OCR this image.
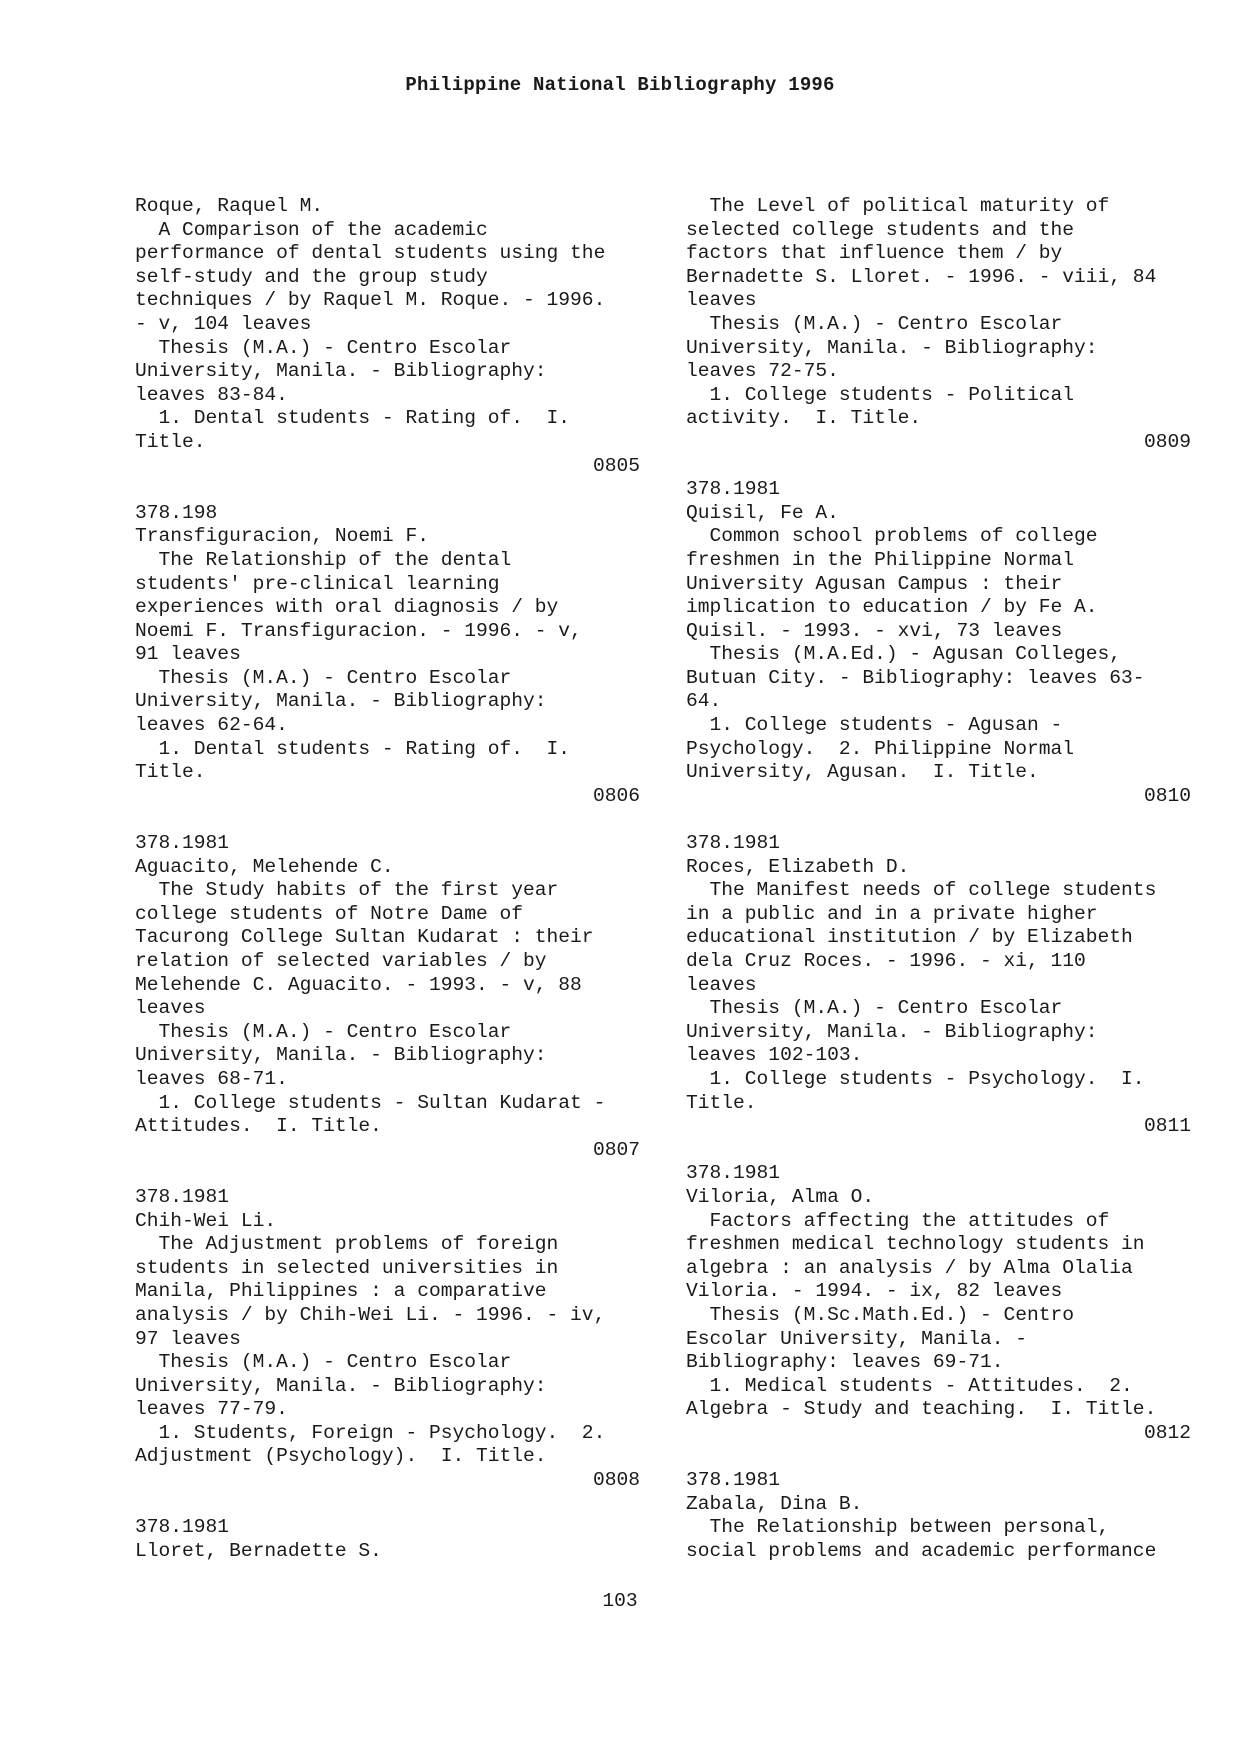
Philippine National Bibliography 1996
Roque, Raquel M.
A Comparison of the academic
performance of dental students using the
self-study and the group study
techniques / by Raquel M. Roque. - 1996.
- v, 104 leaves
Thesis (M.A.) - Centro Escolar
University, Manila. - Bibliography:
leaves 83-84.
1. Dental students - Rating of.  I.
Title.
0805
378.198
Transfiguracion, Noemi F.
The Relationship of the dental
students' pre-clinical learning
experiences with oral diagnosis / by
Noemi F. Transfiguracion. - 1996. - v,
91 leaves
Thesis (M.A.) - Centro Escolar
University, Manila. - Bibliography:
leaves 62-64.
1. Dental students - Rating of.  I.
Title.
0806
378.1981
Aguacito, Melehende C.
The Study habits of the first year
college students of Notre Dame of
Tacurong College Sultan Kudarat : their
relation of selected variables / by
Melehende C. Aguacito. - 1993. - v, 88
leaves
Thesis (M.A.) - Centro Escolar
University, Manila. - Bibliography:
leaves 68-71.
1. College students - Sultan Kudarat -
Attitudes.  I. Title.
0807
378.1981
Chih-Wei Li.
The Adjustment problems of foreign
students in selected universities in
Manila, Philippines : a comparative
analysis / by Chih-Wei Li. - 1996. - iv,
97 leaves
Thesis (M.A.) - Centro Escolar
University, Manila. - Bibliography:
leaves 77-79.
1. Students, Foreign - Psychology.  2.
Adjustment (Psychology).  I. Title.
0808
378.1981
Lloret, Bernadette S.
The Level of political maturity of
selected college students and the
factors that influence them / by
Bernadette S. Lloret. - 1996. - viii, 84
leaves
Thesis (M.A.) - Centro Escolar
University, Manila. - Bibliography:
leaves 72-75.
1. College students - Political
activity.  I. Title.
0809
378.1981
Quisil, Fe A.
Common school problems of college
freshmen in the Philippine Normal
University Agusan Campus : their
implication to education / by Fe A.
Quisil. - 1993. - xvi, 73 leaves
Thesis (M.A.Ed.) - Agusan Colleges,
Butuan City. - Bibliography: leaves 63-
64.
1. College students - Agusan -
Psychology.  2. Philippine Normal
University, Agusan.  I. Title.
0810
378.1981
Roces, Elizabeth D.
The Manifest needs of college students
in a public and in a private higher
educational institution / by Elizabeth
dela Cruz Roces. - 1996. - xi, 110
leaves
Thesis (M.A.) - Centro Escolar
University, Manila. - Bibliography:
leaves 102-103.
1. College students - Psychology.  I.
Title.
0811
378.1981
Viloria, Alma O.
Factors affecting the attitudes of
freshmen medical technology students in
algebra : an analysis / by Alma Olalia
Viloria. - 1994. - ix, 82 leaves
Thesis (M.Sc.Math.Ed.) - Centro
Escolar University, Manila. -
Bibliography: leaves 69-71.
1. Medical students - Attitudes.  2.
Algebra - Study and teaching.  I. Title.
0812
378.1981
Zabala, Dina B.
The Relationship between personal,
social problems and academic performance
103
